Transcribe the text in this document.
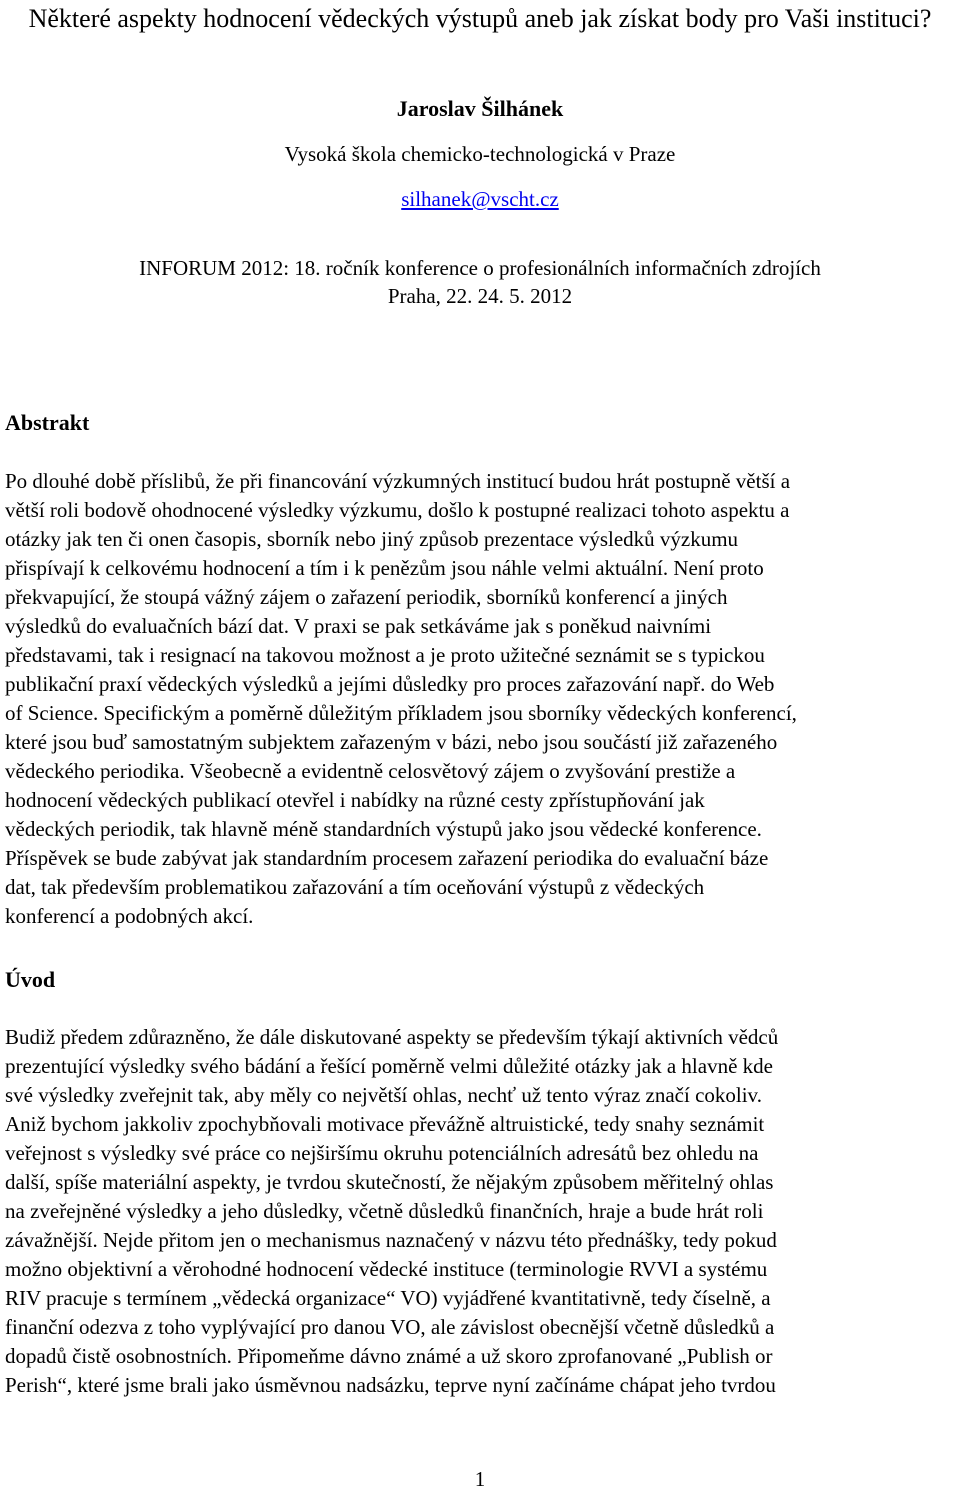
Některé aspekty hodnocení vědeckých výstupů aneb jak získat body pro Vaši instituci?

Jaroslav Šilhánek

Vysoká škola chemicko-technologická v Praze

silhanek@vscht.cz

INFORUM 2012: 18. ročník konference o profesionálních informačních zdrojích

Praha, 22. 24. 5. 2012

Abstrakt

Po dlouhé době příslibů, že při financování výzkumných institucí budou hrát postupně větší a
větší roli bodově ohodnocené výsledky výzkumu, došlo k postupné realizaci tohoto aspektu a
otázky jak ten či onen časopis, sborník nebo jiný způsob prezentace výsledků výzkumu
přispívají k celkovému hodnocení a tím i k penězům jsou náhle velmi aktuální. Není proto
překvapující, že stoupá vážný zájem o zařazení periodik, sborníků konferencí a jiných
výsledků do evaluačních bází dat. V praxi se pak setkáváme jak s poněkud naivními
představami, tak i resignací na takovou možnost a je proto užitečné seznámit se s typickou
publikační praxí vědeckých výsledků a jejími důsledky pro proces zařazování např. do Web
of Science. Specifickým a poměrně důležitým příkladem jsou sborníky vědeckých konferencí,
které jsou buď samostatným subjektem zařazeným v bázi, nebo jsou součástí již zařazeného
vědeckého periodika. Všeobecně a evidentně celosvětový zájem o zvyšování prestiže a
hodnocení vědeckých publikací otevřel i nabídky na různé cesty zpřístupňování jak
vědeckých periodik, tak hlavně méně standardních výstupů jako jsou vědecké konference.
Příspěvek se bude zabývat jak standardním procesem zařazení periodika do evaluační báze
dat, tak především problematikou zařazování a tím oceňování výstupů z vědeckých
konferencí a podobných akcí.

Úvod

Budiž předem zdůrazněno, že dále diskutované aspekty se především týkají aktivních vědců
prezentující výsledky svého bádání a řešící poměrně velmi důležité otázky jak a hlavně kde
své výsledky zveřejnit tak, aby měly co největší ohlas, nechť už tento výraz značí cokoliv.
Aniž bychom jakkoliv zpochybňovali motivace převážně altruistické, tedy snahy seznámit
veřejnost s výsledky své práce co nejširšímu okruhu potenciálních adresátů bez ohledu na
další, spíše materiální aspekty, je tvrdou skutečností, že nějakým způsobem měřitelný ohlas
na zveřejněné výsledky a jeho důsledky, včetně důsledků finančních, hraje a bude hrát roli
závažnější. Nejde přitom jen o mechanismus naznačený v názvu této přednášky, tedy pokud
možno objektivní a věrohodné hodnocení vědecké instituce (terminologie RVVI a systému
RIV pracuje s termínem „vědecká organizace“ VO) vyjádřené kvantitativně, tedy číselně, a
finanční odezva z toho vyplývající pro danou VO, ale závislost obecnější včetně důsledků a
dopadů čistě osobnostních. Připomeňme dávno známé a už skoro zprofanované „Publish or
Perish“, které jsme brali jako úsměvnou nadsázku, teprve nyní začínáme chápat jeho tvrdou

1
